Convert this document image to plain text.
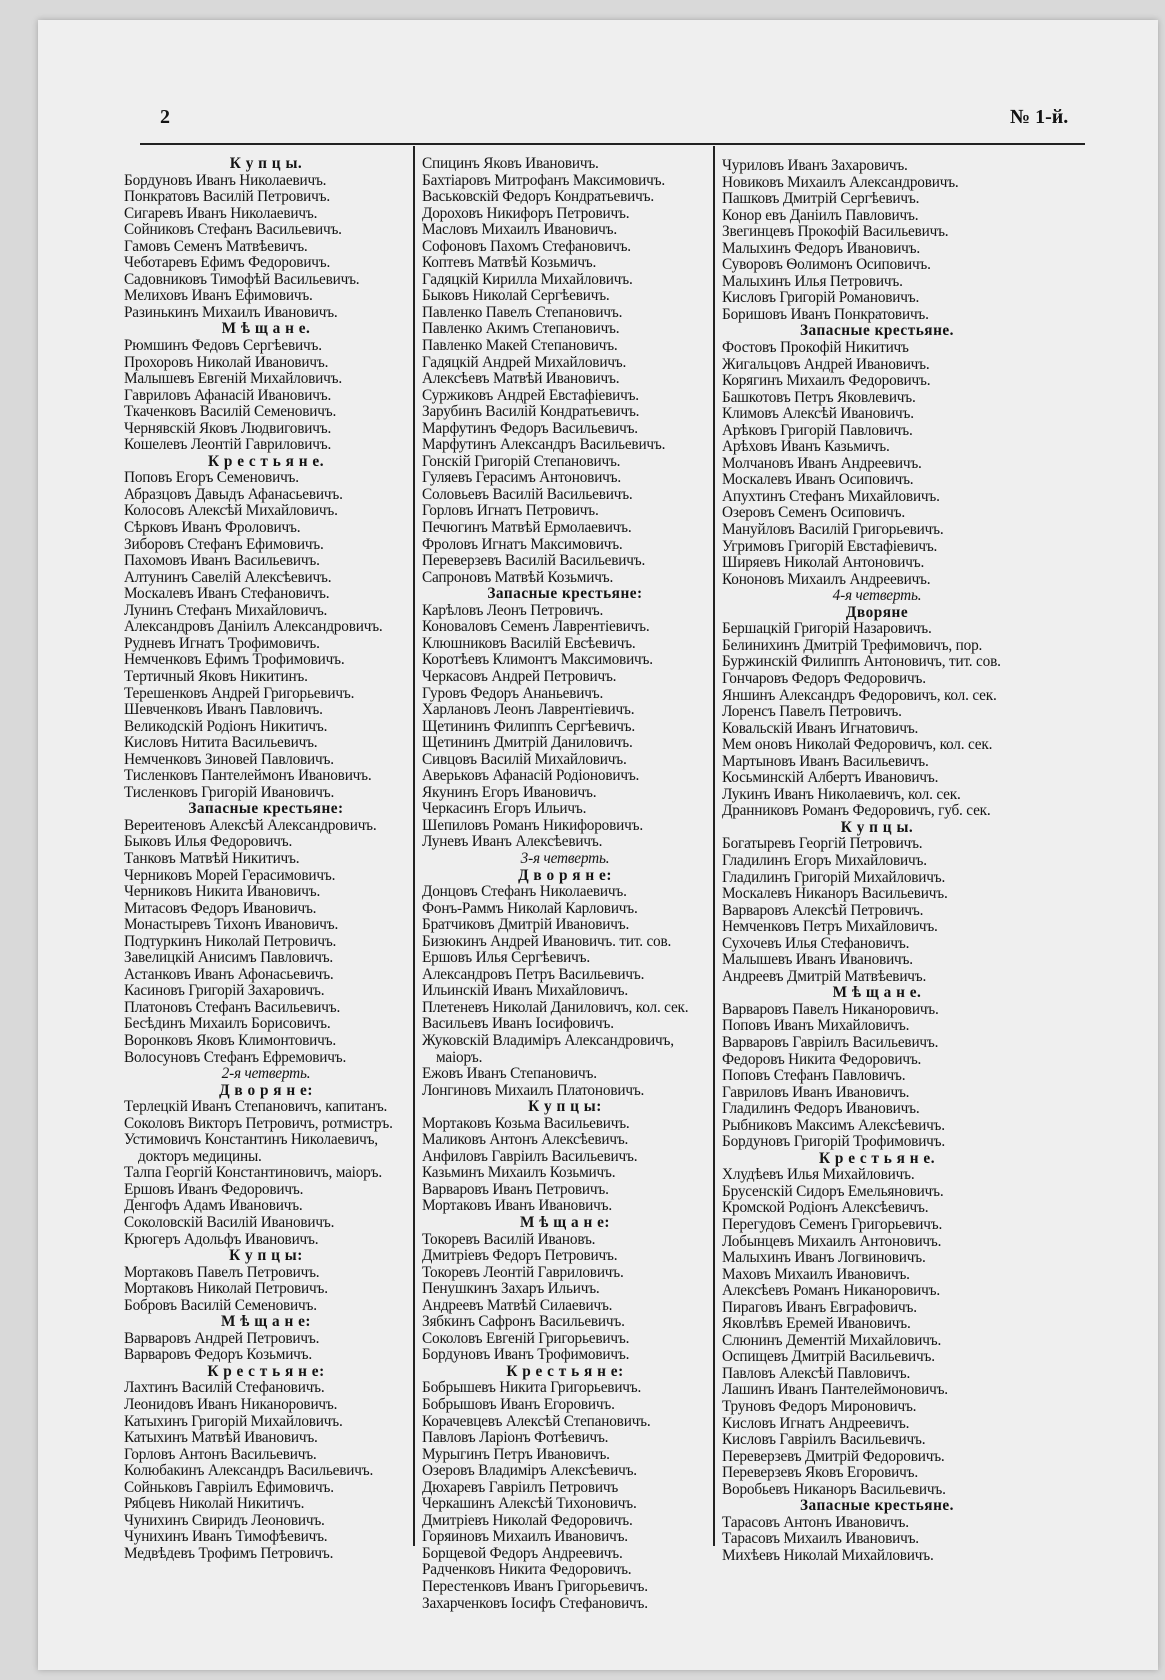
2	№ 1-й.
К у п ц ы.
Бордуновъ Иванъ Николаевичъ.
Понкратовъ Василій Петровичъ.
Сигаревъ Иванъ Николаевичъ.
Сойниковъ Стефанъ Васильевичъ.
Гамовъ Семенъ Матвѣевичъ.
Чеботаревъ Ефимъ Федоровичъ.
Садовниковъ Тимофѣй Васильевичъ.
Мелиховъ Иванъ Ефимовичъ.
Разинькинъ Михаилъ Ивановичъ.
М ѣ щ а н е.
Рюмшинъ Федовъ Сергѣевичъ.
Прохоровъ Николай Ивановичъ.
Малышевъ Евгеній Михайловичъ.
Гавриловъ Афанасій Ивановичъ.
Ткаченковъ Василій Семеновичъ.
Чернявскій Яковъ Людвиговичъ.
Кошелевъ Леонтій Гавриловичъ.
К р е с т ь я н е.
Поповъ Егоръ Семеновичъ.
Абразцовъ Давыдъ Афанасьевичъ.
Колосовъ Алексѣй Михайловичъ.
Сѣрковъ Иванъ Фроловичъ.
Зиборовъ Стефанъ Ефимовичъ.
Пахомовъ Иванъ Васильевичъ.
Алтунинъ Савелій Алексѣевичъ.
Москалевъ Иванъ Стефановичъ.
Лунинъ Стефанъ Михайловичъ.
Александровъ Даніилъ Александровичъ.
Рудневъ Игнатъ Трофимовичъ.
Немченковъ Ефимъ Трофимовичъ.
Тертичный Яковъ Никитинъ.
Терешенковъ Андрей Григорьевичъ.
Шевченковъ Иванъ Павловичъ.
Великодскій Родіонъ Никитичъ.
Кисловъ Нитита Васильевичъ.
Немченковъ Зиновей Павловичъ.
Тисленковъ Пантелеймонъ Ивановичъ.
Тисленковъ Григорій Ивановичъ.
Запасные крестьяне:
Верeитеновъ Алексѣй Александровичъ.
Быковъ Илья Федоровичъ.
Танковъ Матвѣй Никитичъ.
Черниковъ Морей Герасимовичъ.
Черниковъ Никита Ивановичъ.
Митасовъ Федоръ Ивановичъ.
Монастыревъ Тихонъ Ивановичъ.
Подтуркинъ Николай Петровичъ.
Завелицкій Анисимъ Павловичъ.
Астанковъ Иванъ Афонасьевичъ.
Касиновъ Григорій Захаровичъ.
Платоновъ Стефанъ Васильевичъ.
Бесѣдинъ Михаилъ Борисовичъ.
Воронковъ Яковъ Климонтовичъ.
Волосуновъ Стефанъ Ефремовичъ.
2-я четверть.
Д в о р я н е:
Терлецкій Иванъ Степановичъ, капитанъ.
Соколовъ Викторъ Петровичъ, ротмистръ.
Устимовичъ Константинъ Николаевичъ, докторъ медицины.
Талпа Георгій Константиновичъ, маіоръ.
Ершовъ Иванъ Федоровичъ.
Денгофъ Адамъ Ивановичъ.
Соколовскій Василій Ивановичъ.
Крюгеръ Адольфъ Ивановичъ.
К у п ц ы:
Мортаковъ Павелъ Петровичъ.
Мортаковъ Николай Петровичъ.
Бобровъ Василій Семеновичъ.
М ѣ щ а н е:
Варваровъ Андрей Петровичъ.
Варваровъ Федоръ Козьмичъ.
К р е с т ь я н е:
Лахтинъ Василій Стефановичъ.
Леонидовъ Иванъ Никаноровичъ.
Катыхинъ Григорій Михайловичъ.
Катыхинъ Матвѣй Ивановичъ.
Горловъ Антонъ Васильевичъ.
Колюбакинъ Александръ Васильевичъ.
Сойньковъ Гавріилъ Ефимовичъ.
Рябцевъ Николай Никитичъ.
Чунихинъ Свиридъ Леоновичъ.
Чунихинъ Иванъ Тимофѣевичъ.
Медвѣдевъ Трофимъ Петровичъ.
Спицинъ Яковъ Ивановичъ.
Бахтіаровъ Митрофанъ Максимовичъ.
Васьковскій Федоръ Кондратьевичъ.
Дороховъ Никифоръ Петровичъ.
Масловъ Михаилъ Ивановичъ.
Софоновъ Пахомъ Стефановичъ.
Коптевъ Матвѣй Козьмичъ.
Гадяцкій Кирилла Михайловичъ.
Быковъ Николай Сергѣевичъ.
Павленко Павелъ Степановичъ.
Павленко Акимъ Степановичъ.
Павленко Макей Степановичъ.
Гадяцкій Андрей Михайловичъ.
Алексѣевъ Матвѣй Ивановичъ.
Суржиковъ Андрей Евстафіевичъ.
Зарубинъ Василій Кондратьевичъ.
Марфутинъ Федоръ Васильевичъ.
Марфутинъ Александръ Васильевичъ.
Гонскій Григорій Степановичъ.
Гуляевъ Герасимъ Антоновичъ.
Соловьевъ Василій Васильевичъ.
Горловъ Игнатъ Петровичъ.
Печюгинъ Матвѣй Ермолаевичъ.
Фроловъ Игнатъ Максимовичъ.
Переверзевъ Василій Васильевичъ.
Сапроновъ Матвѣй Козьмичъ.
Запасные крестьяне:
Карѣловъ Леонъ Петровичъ.
Коноваловъ Семенъ Лаврентіевичъ.
Клюшниковъ Василій Евсѣевичъ.
Коротѣевъ Климонтъ Максимовичъ.
Черкасовъ Андрей Петровичъ.
Гуровъ Федоръ Ананьевичъ.
Харлановъ Леонъ Лаврентіевичъ.
Щетининъ Филиппъ Сергѣевичъ.
Щетининъ Дмитрій Даниловичъ.
Сивцовъ Василій Михайловичъ.
Аверьковъ Афанасій Родіоновичъ.
Якунинъ Егоръ Ивановичъ.
Черкасинъ Егоръ Ильичъ.
Шепиловъ Романъ Никифоровичъ.
Луневъ Иванъ Алексѣевичъ.
3-я четверть.
Д в о р я н е:
Донцовъ Стефанъ Николаевичъ.
Фонъ-Раммъ Николай Карловичъ.
Братчиковъ Дмитрій Ивановичъ.
Бизюкинъ Андрей Ивановичъ. тит. сов.
Ершовъ Илья Сергѣевичъ.
Александровъ Петръ Васильевичъ.
Ильинскій Иванъ Михайловичъ.
Плетеневъ Николай Даниловичъ, кол. сек.
Васильевъ Иванъ Іосифовичъ.
Жуковскій Владиміръ Александровичъ, маіоръ.
Ежовъ Иванъ Степановичъ.
Лонгиновъ Михаилъ Платоновичъ.
К у п ц ы:
Мортаковъ Козьма Васильевичъ.
Маликовъ Антонъ Алексѣевичъ.
Анфиловъ Гавріилъ Васильевичъ.
Казьминъ Михаилъ Козьмичъ.
Варваровъ Иванъ Петровичъ.
Мортаковъ Иванъ Ивановичъ.
М ѣ щ а н е:
Токоревъ Василій Ивановъ.
Дмитріевъ Федоръ Петровичъ.
Токоревъ Леонтій Гавриловичъ.
Пенушкинъ Захаръ Ильичъ.
Андреевъ Матвѣй Силаевичъ.
Зябкинъ Сафронъ Васильевичъ.
Соколовъ Евгеній Григорьевичъ.
Бордуновъ Иванъ Трофимовичъ.
К р е с т ь я н е:
Бобрышевъ Никита Григорьевичъ.
Бобрышовъ Иванъ Егоровичъ.
Корачевцевъ Алексѣй Степановичъ.
Павловъ Ларіонъ Фотѣевичъ.
Мурыгинъ Петръ Ивановичъ.
Озеровъ Владиміръ Алексѣевичъ.
Дюхаревъ Гавріилъ Петровичъ
Черкашинъ Алексѣй Тихоновичъ.
Дмитріевъ Николай Федоровичъ.
Горяиновъ Михаилъ Ивановичъ.
Борщевой Федоръ Андреевичъ.
Радченковъ Никита Федоровичъ.
Перестенковъ Иванъ Григорьевичъ.
Захарченковъ Іосифъ Стефановичъ.
Чуриловъ Иванъ Захаровичъ.
Новиковъ Михаилъ Александровичъ.
Пашковъ Дмитрій Сергѣевичъ.
Конор евъ Даніилъ Павловичъ.
Звегинцевъ Прокофій Васильевичъ.
Малыхинъ Федоръ Ивановичъ.
Суворовъ Ѳолимонъ Осиповичъ.
Малыхинъ Илья Петровичъ.
Кисловъ Григорій Романовичъ.
Боришовъ Иванъ Понкратовичъ.
Запасные крестьяне.
Фостовъ Прокофій Никитичъ
Жигальцовъ Андрей Ивановичъ.
Корягинъ Михаилъ Федоровичъ.
Башкотовъ Петръ Яковлевичъ.
Климовъ Алексѣй Ивановичъ.
Арѣковъ Григорій Павловичъ.
Арѣховъ Иванъ Казьмичъ.
Молчановъ Иванъ Андреевичъ.
Москалевъ Иванъ Осиповичъ.
Апухтинъ Стефанъ Михайловичъ.
Озеровъ Семенъ Осиповичъ.
Мануйловъ Василій Григорьевичъ.
Угримовъ Григорій Евстафіевичъ.
Ширяевъ Николай Антоновичъ.
Кононовъ Михаилъ Андреевичъ.
4-я четверть.
Дворяне
Бершацкій Григорій Назаровичъ.
Белинихинъ Дмитрій Трефимовичъ, пор.
Буржинскій Филиппъ Антоновичъ, тит. сов.
Гончаровъ Федоръ Федоровичъ.
Яншинъ Александръ Федоровичъ, кол. сек.
Лоренсъ Павелъ Петровичъ.
Ковальскій Иванъ Игнатовичъ.
Мем оновъ Николай Федоровичъ, кол. сек.
Мартыновъ Иванъ Васильевичъ.
Косьминскій Албертъ Ивановичъ.
Лукинъ Иванъ Николаевичъ, кол. сек.
Дранниковъ Романъ Федоровичъ, губ. сек.
К у п ц ы.
Богатыревъ Георгій Петровичъ.
Гладилинъ Егоръ Михайловичъ.
Гладилинъ Григорій Михайловичъ.
Москалевъ Никаноръ Васильевичъ.
Варваровъ Алексѣй Петровичъ.
Немченковъ Петръ Михайловичъ.
Сухочевъ Илья Стефановичъ.
Малышевъ Иванъ Ивановичъ.
Андреевъ Дмитрій Матвѣевичъ.
М ѣ щ а н е.
Варваровъ Павелъ Никаноровичъ.
Поповъ Иванъ Михайловичъ.
Варваровъ Гавріилъ Васильевичъ.
Федоровъ Никита Федоровичъ.
Поповъ Стефанъ Павловичъ.
Гавриловъ Иванъ Ивановичъ.
Гладилинъ Федоръ Ивановичъ.
Рыбниковъ Максимъ Алексѣевичъ.
Бордуновъ Григорій Трофимовичъ.
К р е с т ь я н е.
Хлудѣевъ Илья Михайловичъ.
Брусенскій Сидоръ Емельяновичъ.
Кромской Родіонъ Алексѣевичъ.
Перегудовъ Семенъ Григорьевичъ.
Лобынцевъ Михаилъ Антоновичъ.
Малыхинъ Иванъ Логвиновичъ.
Маховъ Михаилъ Ивановичъ.
Алексѣевъ Романъ Никаноровичъ.
Пираговъ Иванъ Евграфовичъ.
Яковлѣвъ Еремей Ивановичъ.
Слюнинъ Дементій Михайловичъ.
Оспищевъ Дмитрій Васильевичъ.
Павловъ Алексѣй Павловичъ.
Лашинъ Иванъ Пантелеймоновичъ.
Труновъ Федоръ Мироновичъ.
Кисловъ Игнатъ Андреевичъ.
Кисловъ Гавріилъ Васильевичъ.
Переверзевъ Дмитрій Федоровичъ.
Переверзевъ Яковъ Егоровичъ.
Воробьевъ Никаноръ Васильевичъ.
Запасные крестьяне.
Тарасовъ Антонъ Ивановичъ.
Тарасовъ Михаилъ Ивановичъ.
Михѣевъ Николай Михайловичъ.
